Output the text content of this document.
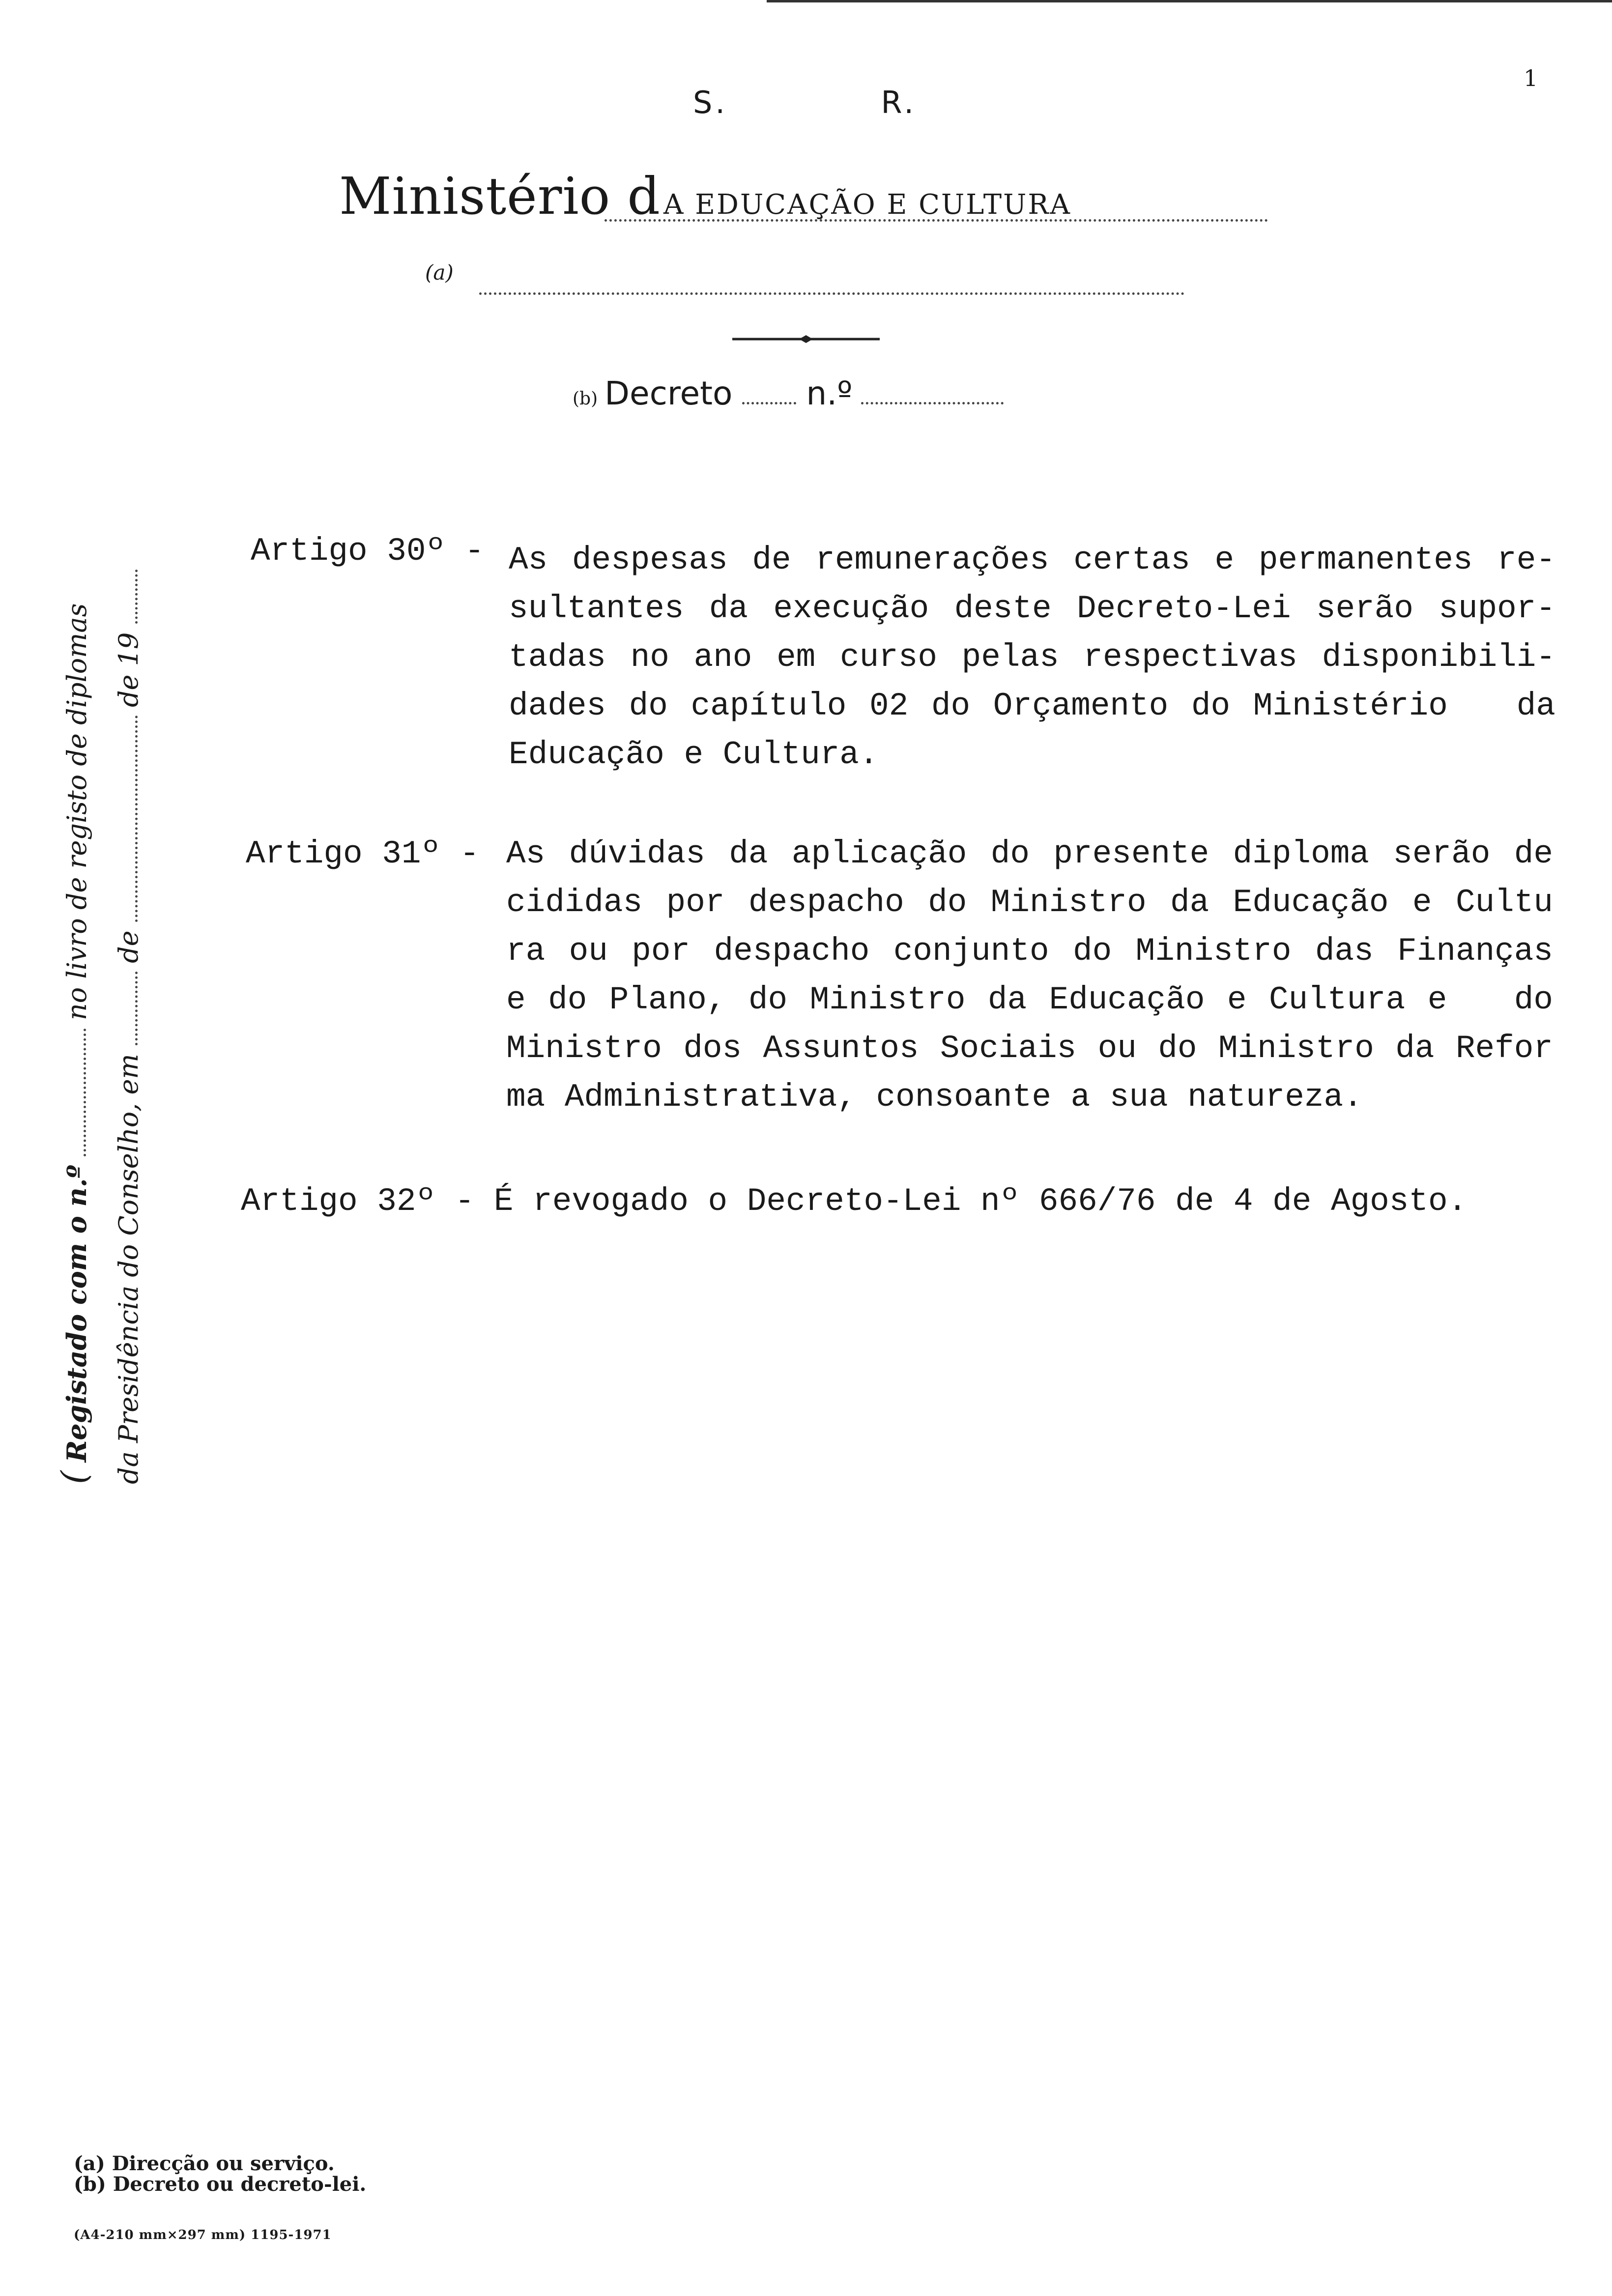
S.	R.
1
Ministério d A EDUCAÇÃO E CULTURA
(a)
(b) Decreto n.º
Artigo 30º - As despesas de remunerações certas e permanentes re-
sultantes da execução deste Decreto-Lei serão supor-
tadas no ano em curso pelas respectivas disponibili-
dades do capítulo 02 do Orçamento do Ministério   da
Educação e Cultura.
Artigo 31º - As dúvidas da aplicação do presente diploma serão de
cididas por despacho do Ministro da Educação e Cultu
ra ou por despacho conjunto do Ministro das Finanças
e do Plano, do Ministro da Educação e Cultura e   do
Ministro dos Assuntos Sociais ou do Ministro da Refor
ma Administrativa, consoante a sua natureza.
Artigo 32º - É revogado o Decreto-Lei nº 666/76 de 4 de Agosto.
( Registado com o n.º  no livro de registo de diplomas
da Presidência do Conselho, em  de  de 19
(a) Direcção ou serviço.
(b) Decreto ou decreto-lei.
(A4-210 mm×297 mm) 1195-1971
